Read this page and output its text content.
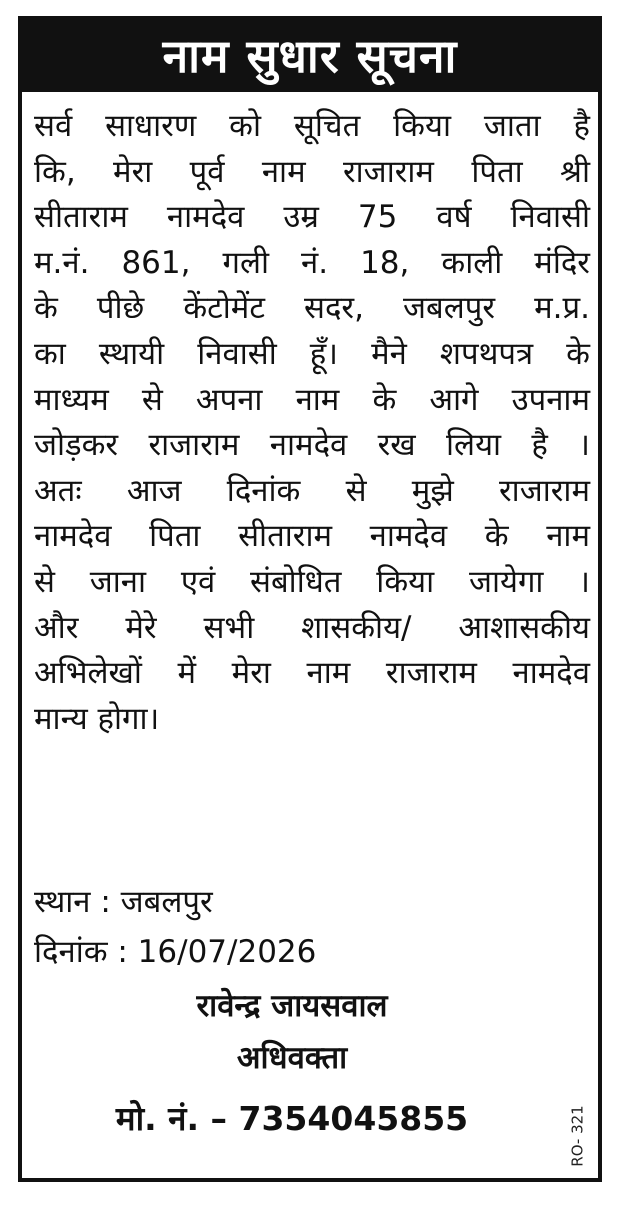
नाम सुधार सूचना
सर्व साधारण को सूचित किया जाता है
कि, मेरा पूर्व नाम राजाराम पिता श्री
सीताराम नामदेव उम्र 75 वर्ष निवासी
म.नं. 861, गली नं. 18, काली मंदिर
के पीछे केंटोमेंट सदर, जबलपुर म.प्र.
का स्थायी निवासी हूँ। मैने शपथपत्र के
माध्यम से अपना नाम के आगे उपनाम
जोड़कर राजाराम नामदेव रख लिया है ।
अतः आज दिनांक से मुझे राजाराम
नामदेव पिता सीताराम नामदेव के नाम
से जाना एवं संबोधित किया जायेगा ।
और मेरे सभी शासकीय/ आशासकीय
अभिलेखों में मेरा नाम राजाराम नामदेव
मान्य होगा।
स्थान : जबलपुर
दिनांक : 16/07/2026
रावेन्द्र जायसवाल
अधिवक्ता
मो. नं. – 7354045855	RO- 321
